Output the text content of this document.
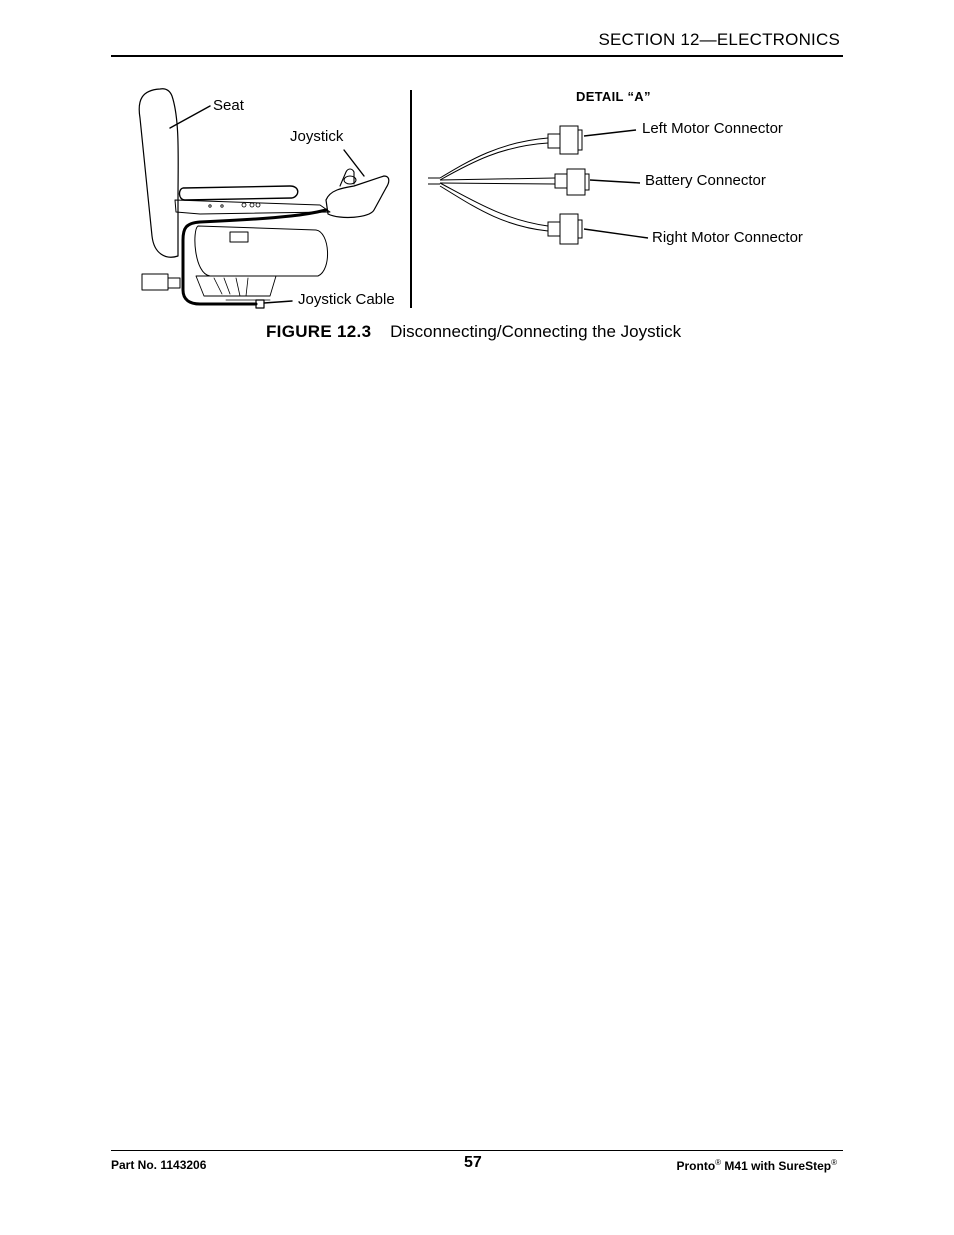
SECTION 12—ELECTRONICS
Seat
Joystick
Joystick Cable
DETAIL “A”
Left Motor Connector
Battery Connector
Right Motor Connector
FIGURE 12.3 Disconnecting/Connecting the Joystick
Part No. 1143206	57	Pronto® M41 with SureStep®
